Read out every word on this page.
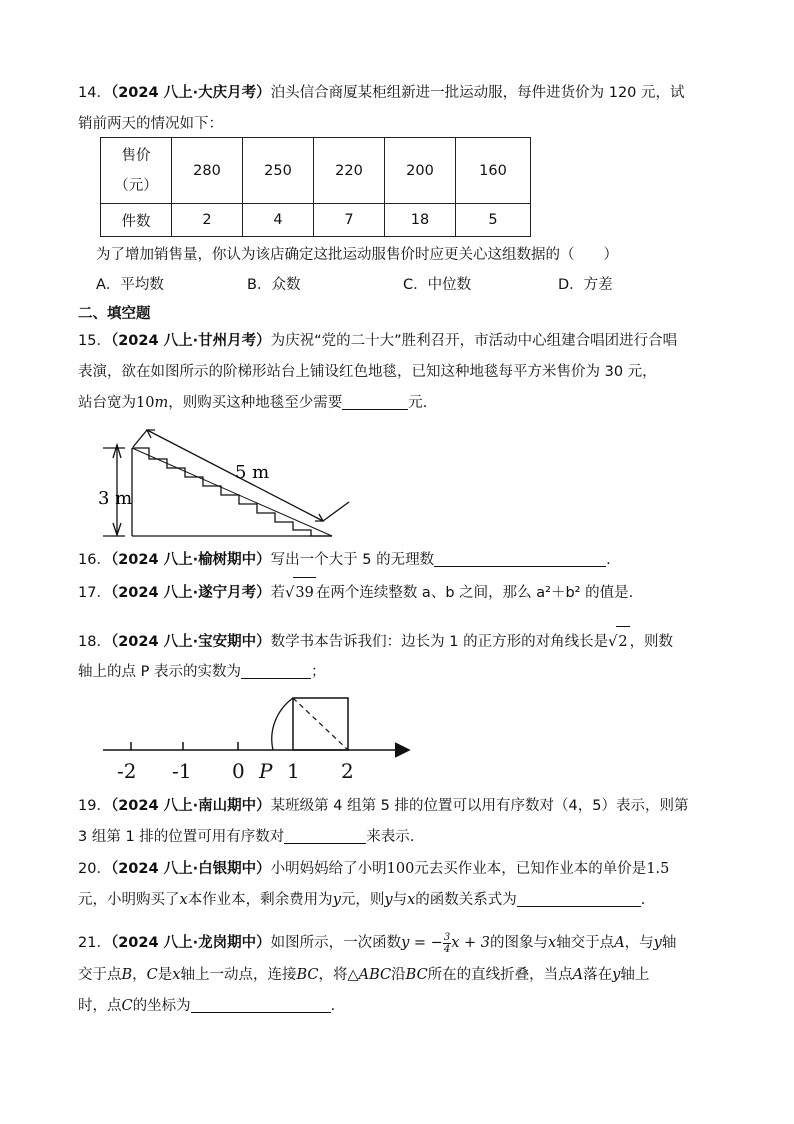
14．（2024 八上·大庆月考）泊头信合商厦某柜组新进一批运动服，每件进货价为 120 元，试

销前两天的情况如下：

售价
（元）	280	250	220	200	160
件数	2	4	7	18	5

为了增加销售量，你认为该店确定这批运动服售价时应更关心这组数据的（　　）

A．平均数	B．众数	C．中位数	D．方差
二、填空题

15．（2024 八上·甘州月考）为庆祝“党的二十大”胜利召开，市活动中心组建合唱团进行合唱

表演，欲在如图所示的阶梯形站台上铺设红色地毯，已知这种地毯每平方米售价为 30 元，

站台宽为10m，则购买这种地毯至少需要	元.

3 m
5 m

16．（2024 八上·榆树期中）写出一个大于 5 的无理数	.

17．（2024 八上·遂宁月考）若√39 在两个连续整数 a、b 之间，那么 a²＋b² 的值是.

18．（2024 八上·宝安期中）数学书本告诉我们：边长为 1 的正方形的对角线长是√2 ，则数

轴上的点 P 表示的实数为	；

-2 -1 0 P 1 2

19．（2024 八上·南山期中）某班级第 4 组第 5 排的位置可以用有序数对（4，5）表示，则第

3 组第 1 排的位置可用有序数对	来表示.

20．（2024 八上·白银期中）小明妈妈给了小明100元去买作业本，已知作业本的单价是1.5

元，小明购买了x本作业本，剩余费用为y元，则y与x的函数关系式为	.

21．（2024 八上·龙岗期中）如图所示，一次函数y = − $\frac{3}{4}$ x + 3的图象与x轴交于点A，与y轴

交于点B，C是x轴上一动点，连接BC，将△ABC沿BC所在的直线折叠，当点A落在y轴上

时，点C的坐标为	.
